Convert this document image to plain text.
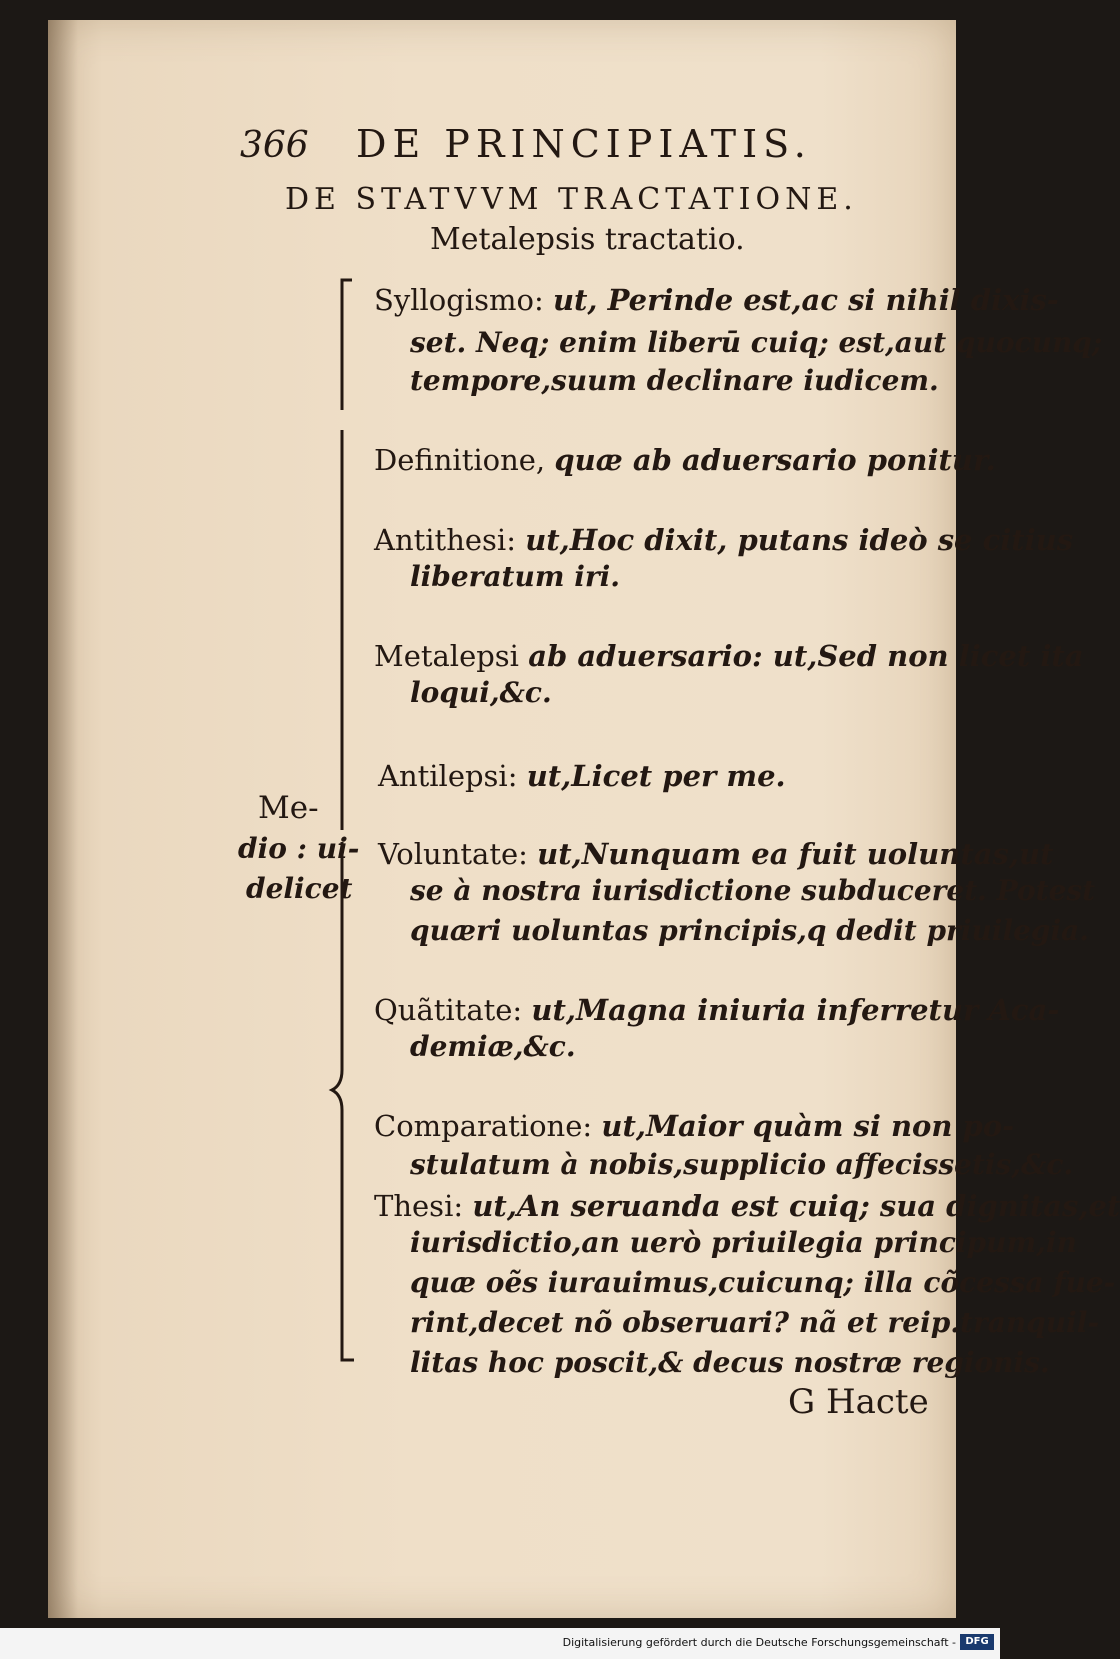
366 DE PRINCIPIATIS.
DE STATVVM TRACTATIONE.
Metalepsis tractatio.
Me-
dio : ui-
delicet
Syllogismo: ut, Perinde est,ac si nihil dixis-
set. Neq; enim liberū cuiq; est,aut quocunq;
tempore,suum declinare iudicem.
Definitione, quæ ab aduersario ponitur.
Antithesi: ut,Hoc dixit, putans ideò se citius
liberatum iri.
Metalepsi ab aduersario: ut,Sed non licet ita
loqui,&c.
Antilepsi: ut,Licet per me.
Voluntate: ut,Nunquam ea fuit uoluntas,ut
se à nostra iurisdictione subduceret. Potest
quæri uoluntas principis,q dedit priuilegia.
Quãtitate: ut,Magna iniuria inferretur Aca-
demiæ,&c.
Comparatione: ut,Maior quàm si non po-
stulatum à nobis,supplicio affecissetis,&c.
Thesi: ut,An seruanda est cuiq; sua dignitas,et
iurisdictio,an uerò priuilegia principum,in
quæ oẽs iurauimus,cuicunq; illa cõcessa fue-
rint,decet nõ obseruari? nã et reip.tranquil-
litas hoc poscit,& decus nostræ regionis.
G Hacte
Digitalisierung gefördert durch die Deutsche Forschungsgemeinschaft - DFG
